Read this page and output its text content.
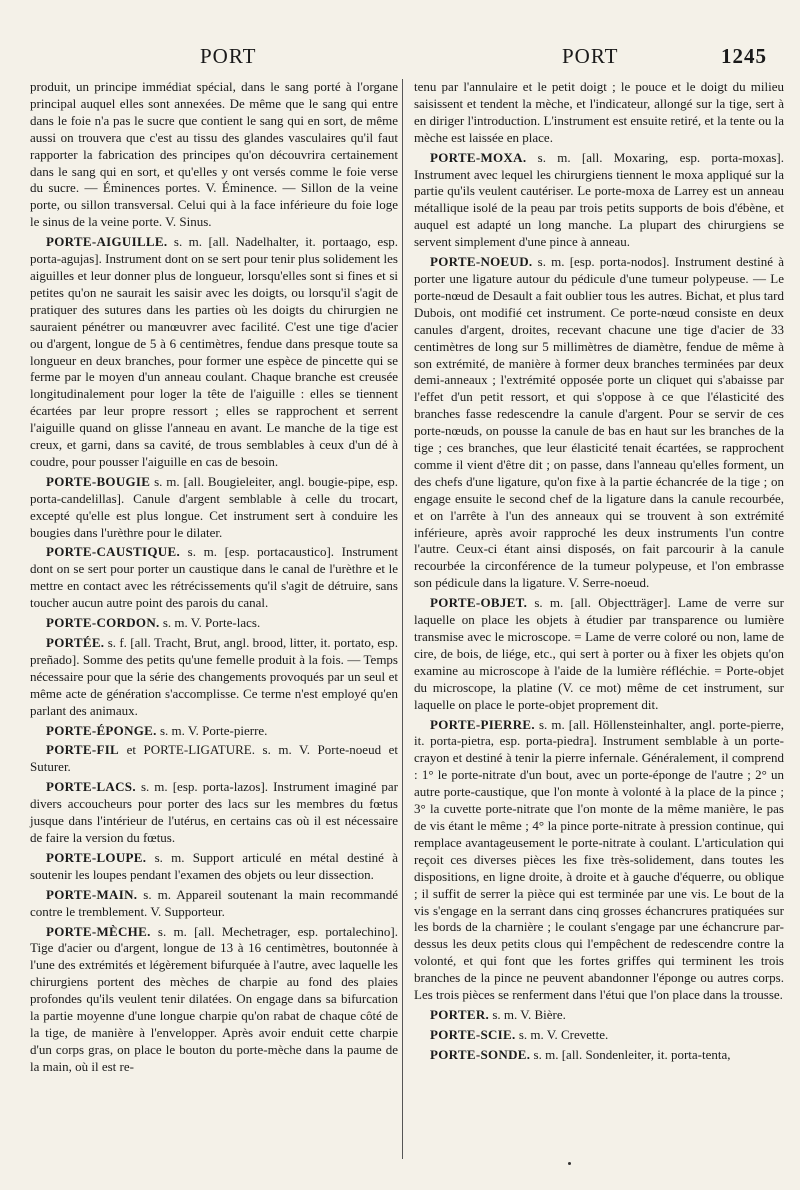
PORT	PORT	1245

produit, un principe immédiat spécial, dans le sang porté à l'organe principal auquel elles sont annexées. De même que le sang qui entre dans le foie n'a pas le sucre que contient le sang qui en sort, de même aussi on trouvera que c'est au tissu des glandes vasculaires qu'il faut rapporter la fabrication des principes qu'on découvrira certainement dans le sang qui en sort, et qu'elles y ont versés comme le foie verse du sucre. — Éminences portes. V. Éminence. — Sillon de la veine porte, ou sillon transversal. Celui qui à la face inférieure du foie loge le sinus de la veine porte. V. Sinus.

PORTE-AIGUILLE. s. m. [all. Nadelhalter, it. portaago, esp. porta-agujas]. Instrument dont on se sert pour tenir plus solidement les aiguilles et leur donner plus de longueur, lorsqu'elles sont si fines et si petites qu'on ne saurait les saisir avec les doigts, ou lorsqu'il s'agit de pratiquer des sutures dans les parties où les doigts du chirurgien ne sauraient pénétrer ou manœuvrer avec facilité. C'est une tige d'acier ou d'argent, longue de 5 à 6 centimètres, fendue dans presque toute sa longueur en deux branches, pour former une espèce de pincette qui se ferme par le moyen d'un anneau coulant. Chaque branche est creusée longitudinalement pour loger la tête de l'aiguille : elles se tiennent écartées par leur propre ressort ; elles se rapprochent et serrent l'aiguille quand on glisse l'anneau en avant. Le manche de la tige est creux, et garni, dans sa cavité, de trous semblables à ceux d'un dé à coudre, pour pousser l'aiguille en cas de besoin.

PORTE-BOUGIE s. m. [all. Bougieleiter, angl. bougie-pipe, esp. porta-candelillas]. Canule d'argent semblable à celle du trocart, excepté qu'elle est plus longue. Cet instrument sert à conduire les bougies dans l'urèthre pour le dilater.

PORTE-CAUSTIQUE. s. m. [esp. portacaustico]. Instrument dont on se sert pour porter un caustique dans le canal de l'urèthre et le mettre en contact avec les rétrécissements qu'il s'agit de détruire, sans toucher aucun autre point des parois du canal.

PORTE-CORDON. s. m. V. Porte-lacs.

PORTÉE. s. f. [all. Tracht, Brut, angl. brood, litter, it. portato, esp. preñado]. Somme des petits qu'une femelle produit à la fois. — Temps nécessaire pour que la série des changements provoqués par un seul et même acte de génération s'accomplisse. Ce terme n'est employé qu'en parlant des animaux.

PORTE-ÉPONGE. s. m. V. Porte-pierre.

PORTE-FIL et PORTE-LIGATURE. s. m. V. Porte-noeud et Suturer.

PORTE-LACS. s. m. [esp. porta-lazos]. Instrument imaginé par divers accoucheurs pour porter des lacs sur les membres du fœtus jusque dans l'intérieur de l'utérus, en certains cas où il est nécessaire de faire la version du fœtus.

PORTE-LOUPE. s. m. Support articulé en métal destiné à soutenir les loupes pendant l'examen des objets ou leur dissection.

PORTE-MAIN. s. m. Appareil soutenant la main recommandé contre le tremblement. V. Supporteur.

PORTE-MÈCHE. s. m. [all. Mechetrager, esp. portalechino]. Tige d'acier ou d'argent, longue de 13 à 16 centimètres, boutonnée à l'une des extrémités et légèrement bifurquée à l'autre, avec laquelle les chirurgiens portent des mèches de charpie au fond des plaies profondes qu'ils veulent tenir dilatées. On engage dans sa bifurcation la partie moyenne d'une longue charpie qu'on rabat de chaque côté de la tige, de manière à l'envelopper. Après avoir enduit cette charpie d'un corps gras, on place le bouton du porte-mèche dans la paume de la main, où il est re-

tenu par l'annulaire et le petit doigt ; le pouce et le doigt du milieu saisissent et tendent la mèche, et l'indicateur, allongé sur la tige, sert à en diriger l'introduction. L'instrument est ensuite retiré, et la tente ou la mèche est laissée en place.

PORTE-MOXA. s. m. [all. Moxaring, esp. porta-moxas]. Instrument avec lequel les chirurgiens tiennent le moxa appliqué sur la partie qu'ils veulent cautériser. Le porte-moxa de Larrey est un anneau métallique isolé de la peau par trois petits supports de bois d'ébène, et auquel est adapté un long manche. La plupart des chirurgiens se servent simplement d'une pince à anneau.

PORTE-NOEUD. s. m. [esp. porta-nodos]. Instrument destiné à porter une ligature autour du pédicule d'une tumeur polypeuse. — Le porte-nœud de Desault a fait oublier tous les autres. Bichat, et plus tard Dubois, ont modifié cet instrument. Ce porte-nœud consiste en deux canules d'argent, droites, recevant chacune une tige d'acier de 33 centimètres de long sur 5 millimètres de diamètre, fendue de même à son extrémité, de manière à former deux branches terminées par deux demi-anneaux ; l'extrémité opposée porte un cliquet qui s'abaisse par l'effet d'un petit ressort, et qui s'oppose à ce que l'élasticité des branches fasse redescendre la canule d'argent. Pour se servir de ces porte-nœuds, on pousse la canule de bas en haut sur les branches de la tige ; ces branches, que leur élasticité tenait écartées, se rapprochent comme il vient d'être dit ; on passe, dans l'anneau qu'elles forment, un des chefs d'une ligature, qu'on fixe à la partie échancrée de la tige ; on engage ensuite le second chef de la ligature dans la canule recourbée, et on l'arrête à l'un des anneaux qui se trouvent à son extrémité inférieure, après avoir rapproché les deux instruments l'un contre l'autre. Ceux-ci étant ainsi disposés, on fait parcourir à la canule recourbée la circonférence de la tumeur polypeuse, et l'on embrasse son pédicule dans la ligature. V. Serre-noeud.

PORTE-OBJET. s. m. [all. Objectträger]. Lame de verre sur laquelle on place les objets à étudier par transparence ou lumière transmise avec le microscope. = Lame de verre coloré ou non, lame de cire, de bois, de liége, etc., qui sert à porter ou à fixer les objets qu'on examine au microscope à l'aide de la lumière réfléchie. = Porte-objet du microscope, la platine (V. ce mot) même de cet instrument, sur laquelle on place le porte-objet proprement dit.

PORTE-PIERRE. s. m. [all. Höllensteinhalter, angl. porte-pierre, it. porta-pietra, esp. porta-piedra]. Instrument semblable à un porte-crayon et destiné à tenir la pierre infernale. Généralement, il comprend : 1° le porte-nitrate d'un bout, avec un porte-éponge de l'autre ; 2° un autre porte-caustique, que l'on monte à volonté à la place de la pince ; 3° la cuvette porte-nitrate que l'on monte de la même manière, le pas de vis étant le même ; 4° la pince porte-nitrate à pression continue, qui remplace avantageusement le porte-nitrate à coulant. L'articulation qui reçoit ces diverses pièces les fixe très-solidement, dans toutes les dispositions, en ligne droite, à droite et à gauche d'équerre, ou oblique ; il suffit de serrer la pièce qui est terminée par une vis. Le bout de la vis s'engage en la serrant dans cinq grosses échancrures pratiquées sur les bords de la charnière ; le coulant s'engage par une échancrure par-dessus les deux petits clous qui l'empêchent de redescendre contre la volonté, et qui font que les fortes griffes qui terminent les trois branches de la pince ne peuvent abandonner l'éponge ou autres corps. Les trois pièces se renferment dans l'étui que l'on place dans la trousse.

PORTER. s. m. V. Bière.

PORTE-SCIE. s. m. V. Crevette.

PORTE-SONDE. s. m. [all. Sondenleiter, it. porta-tenta,
